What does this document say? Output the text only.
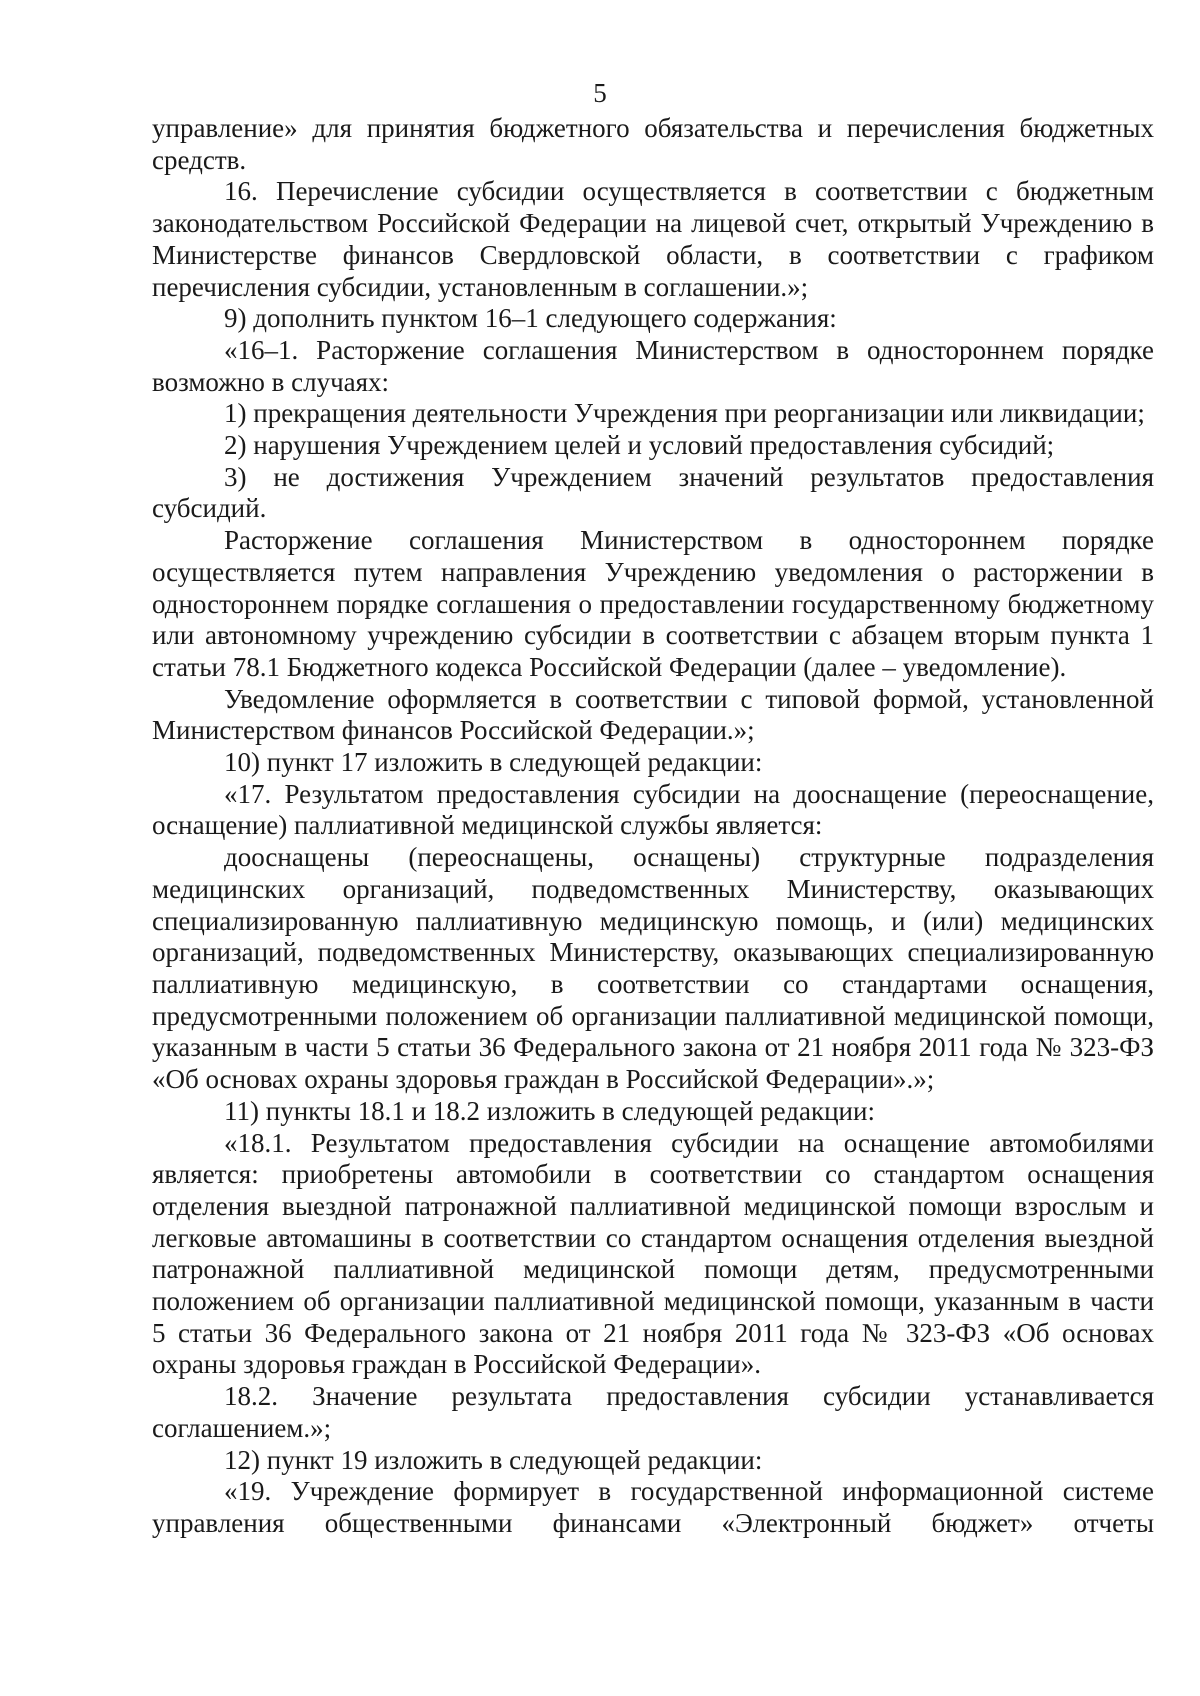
5

управление» для принятия бюджетного обязательства и перечисления бюджетных средств.

16. Перечисление субсидии осуществляется в соответствии с бюджетным законодательством Российской Федерации на лицевой счет, открытый Учреждению в Министерстве финансов Свердловской области, в соответствии с графиком перечисления субсидии, установленным в соглашении.»;

9) дополнить пунктом 16–1 следующего содержания:

«16–1. Расторжение соглашения Министерством в одностороннем порядке возможно в случаях:

1) прекращения деятельности Учреждения при реорганизации или ликвидации;

2) нарушения Учреждением целей и условий предоставления субсидий;

3) не достижения Учреждением значений результатов предоставления субсидий.

Расторжение соглашения Министерством в одностороннем порядке осуществляется путем направления Учреждению уведомления о расторжении в одностороннем порядке соглашения о предоставлении государственному бюджетному или автономному учреждению субсидии в соответствии с абзацем вторым пункта 1 статьи 78.1 Бюджетного кодекса Российской Федерации (далее – уведомление).

Уведомление оформляется в соответствии с типовой формой, установленной Министерством финансов Российской Федерации.»;

10) пункт 17 изложить в следующей редакции:

«17. Результатом предоставления субсидии на дооснащение (переоснащение, оснащение) паллиативной медицинской службы является:

дооснащены (переоснащены, оснащены) структурные подразделения медицинских организаций, подведомственных Министерству, оказывающих специализированную паллиативную медицинскую помощь, и (или) медицинских организаций, подведомственных Министерству, оказывающих специализированную паллиативную медицинскую, в соответствии со стандартами оснащения, предусмотренными положением об организации паллиативной медицинской помощи, указанным в части 5 статьи 36 Федерального закона от 21 ноября 2011 года № 323-ФЗ «Об основах охраны здоровья граждан в Российской Федерации».»;

11) пункты 18.1 и 18.2 изложить в следующей редакции:

«18.1. Результатом предоставления субсидии на оснащение автомобилями является: приобретены автомобили в соответствии со стандартом оснащения отделения выездной патронажной паллиативной медицинской помощи взрослым и легковые автомашины в соответствии со стандартом оснащения отделения выездной патронажной паллиативной медицинской помощи детям, предусмотренными положением об организации паллиативной медицинской помощи, указанным в части 5 статьи 36 Федерального закона от 21 ноября 2011 года № 323-ФЗ «Об основах охраны здоровья граждан в Российской Федерации».

18.2. Значение результата предоставления субсидии устанавливается соглашением.»;

12) пункт 19 изложить в следующей редакции:

«19. Учреждение формирует в государственной информационной системе управления общественными финансами «Электронный бюджет» отчеты
